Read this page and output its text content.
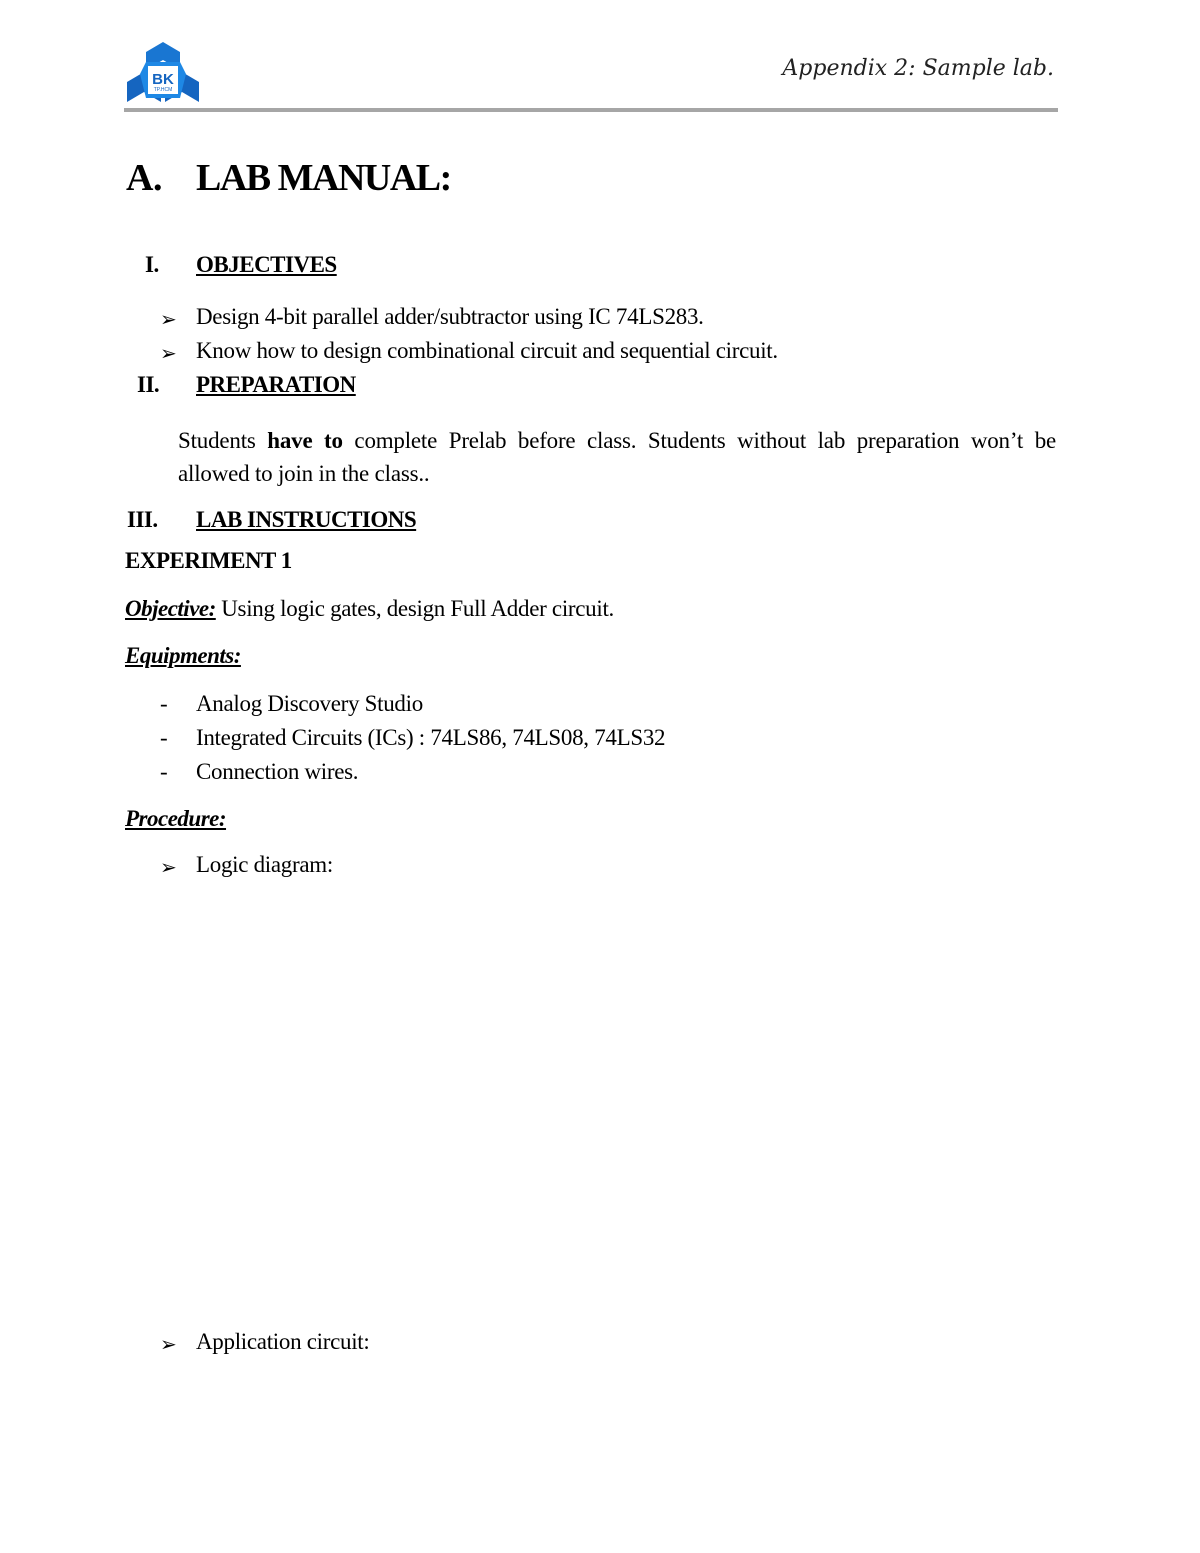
BK
TP.HCM
Appendix 2: Sample lab.
A. LAB MANUAL:
I. OBJECTIVES
➢ Design 4-bit parallel adder/subtractor using IC 74LS283.
➢ Know how to design combinational circuit and sequential circuit.
II. PREPARATION
Students have to complete Prelab before class. Students without lab preparation won’t be allowed to join in the class..
III. LAB INSTRUCTIONS
EXPERIMENT 1
Objective: Using logic gates, design Full Adder circuit.
Equipments:
- Analog Discovery Studio
- Integrated Circuits (ICs) : 74LS86, 74LS08, 74LS32
- Connection wires.
Procedure:
➢ Logic diagram:
➢ Application circuit:
